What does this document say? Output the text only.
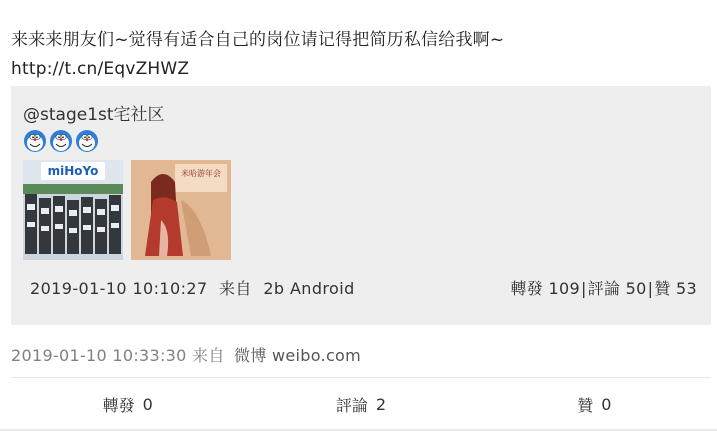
来来来朋友们~觉得有适合自己的岗位请记得把简历私信给我啊~
http://t.cn/EqvZHWZ
@stage1st宅社区
miHoYo	米哈游年会
2019-01-10 10:10:27 来自 2b Android	轉發 109|評論 50|贊 53
2019-01-10 10:33:30 来自 微博 weibo.com
轉發 0	評論 2	贊 0
